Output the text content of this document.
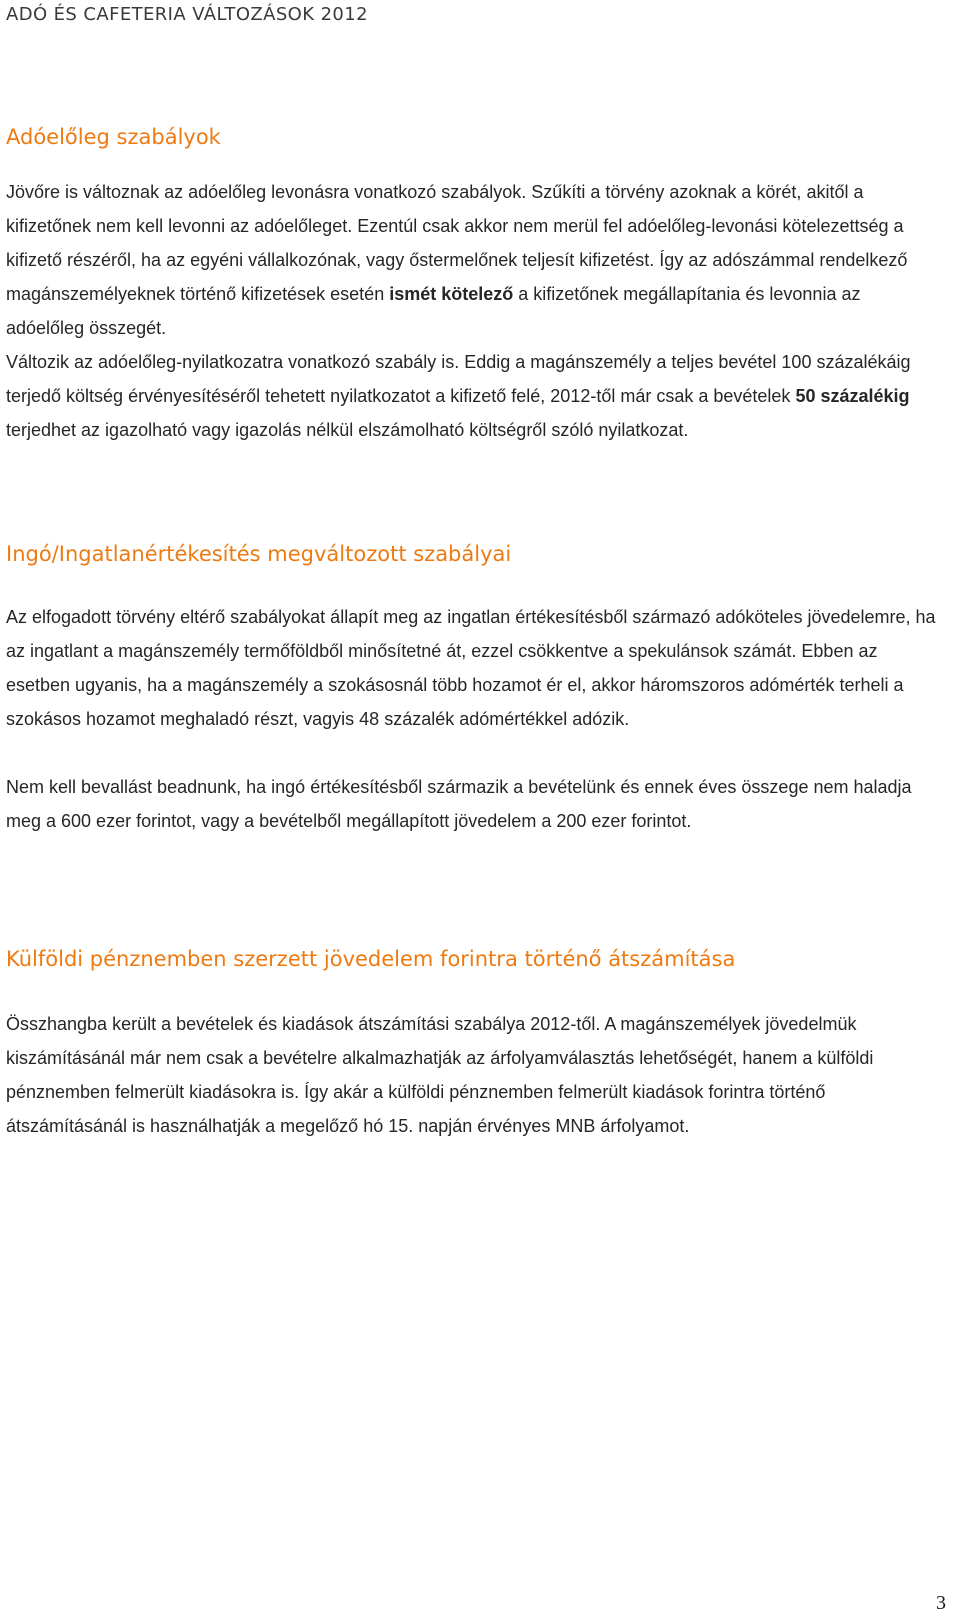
ADÓ ÉS CAFETERIA VÁLTOZÁSOK 2012
Adóelőleg szabályok

Jövőre is változnak az adóelőleg levonásra vonatkozó szabályok. Szűkíti a törvény azoknak a körét, akitől a kifizetőnek nem kell levonni az adóelőleget. Ezentúl csak akkor nem merül fel adóelőleg-levonási kötelezettség a kifizető részéről, ha az egyéni vállalkozónak, vagy őstermelőnek teljesít kifizetést. Így az adószámmal rendelkező magánszemélyeknek történő kifizetések esetén ismét kötelező a kifizetőnek megállapítania és levonnia az adóelőleg összegét.

Változik az adóelőleg-nyilatkozatra vonatkozó szabály is. Eddig a magánszemély a teljes bevétel 100 százalékáig terjedő költség érvényesítéséről tehetett nyilatkozatot a kifizető felé, 2012-től már csak a bevételek 50 százalékig terjedhet az igazolható vagy igazolás nélkül elszámolható költségről szóló nyilatkozat.

Ingó/Ingatlanértékesítés megváltozott szabályai

Az elfogadott törvény eltérő szabályokat állapít meg az ingatlan értékesítésből származó adóköteles jövedelemre, ha az ingatlant a magánszemély termőföldből minősítetné át, ezzel csökkentve a spekulánsok számát. Ebben az esetben ugyanis, ha a magánszemély a szokásosnál több hozamot ér el, akkor háromszoros adómérték terheli a szokásos hozamot meghaladó részt, vagyis 48 százalék adómértékkel adózik.

Nem kell bevallást beadnunk, ha ingó értékesítésből származik a bevételünk és ennek éves összege nem haladja meg a 600 ezer forintot, vagy a bevételből megállapított jövedelem a 200 ezer forintot.

Külföldi pénznemben szerzett jövedelem forintra történő átszámítása

Összhangba került a bevételek és kiadások átszámítási szabálya 2012-től. A magánszemélyek jövedelmük kiszámításánál már nem csak a bevételre alkalmazhatják az árfolyamválasztás lehetőségét, hanem a külföldi pénznemben felmerült kiadásokra is. Így akár a külföldi pénznemben felmerült kiadások forintra történő átszámításánál is használhatják a megelőző hó 15. napján érvényes MNB árfolyamot.

3
